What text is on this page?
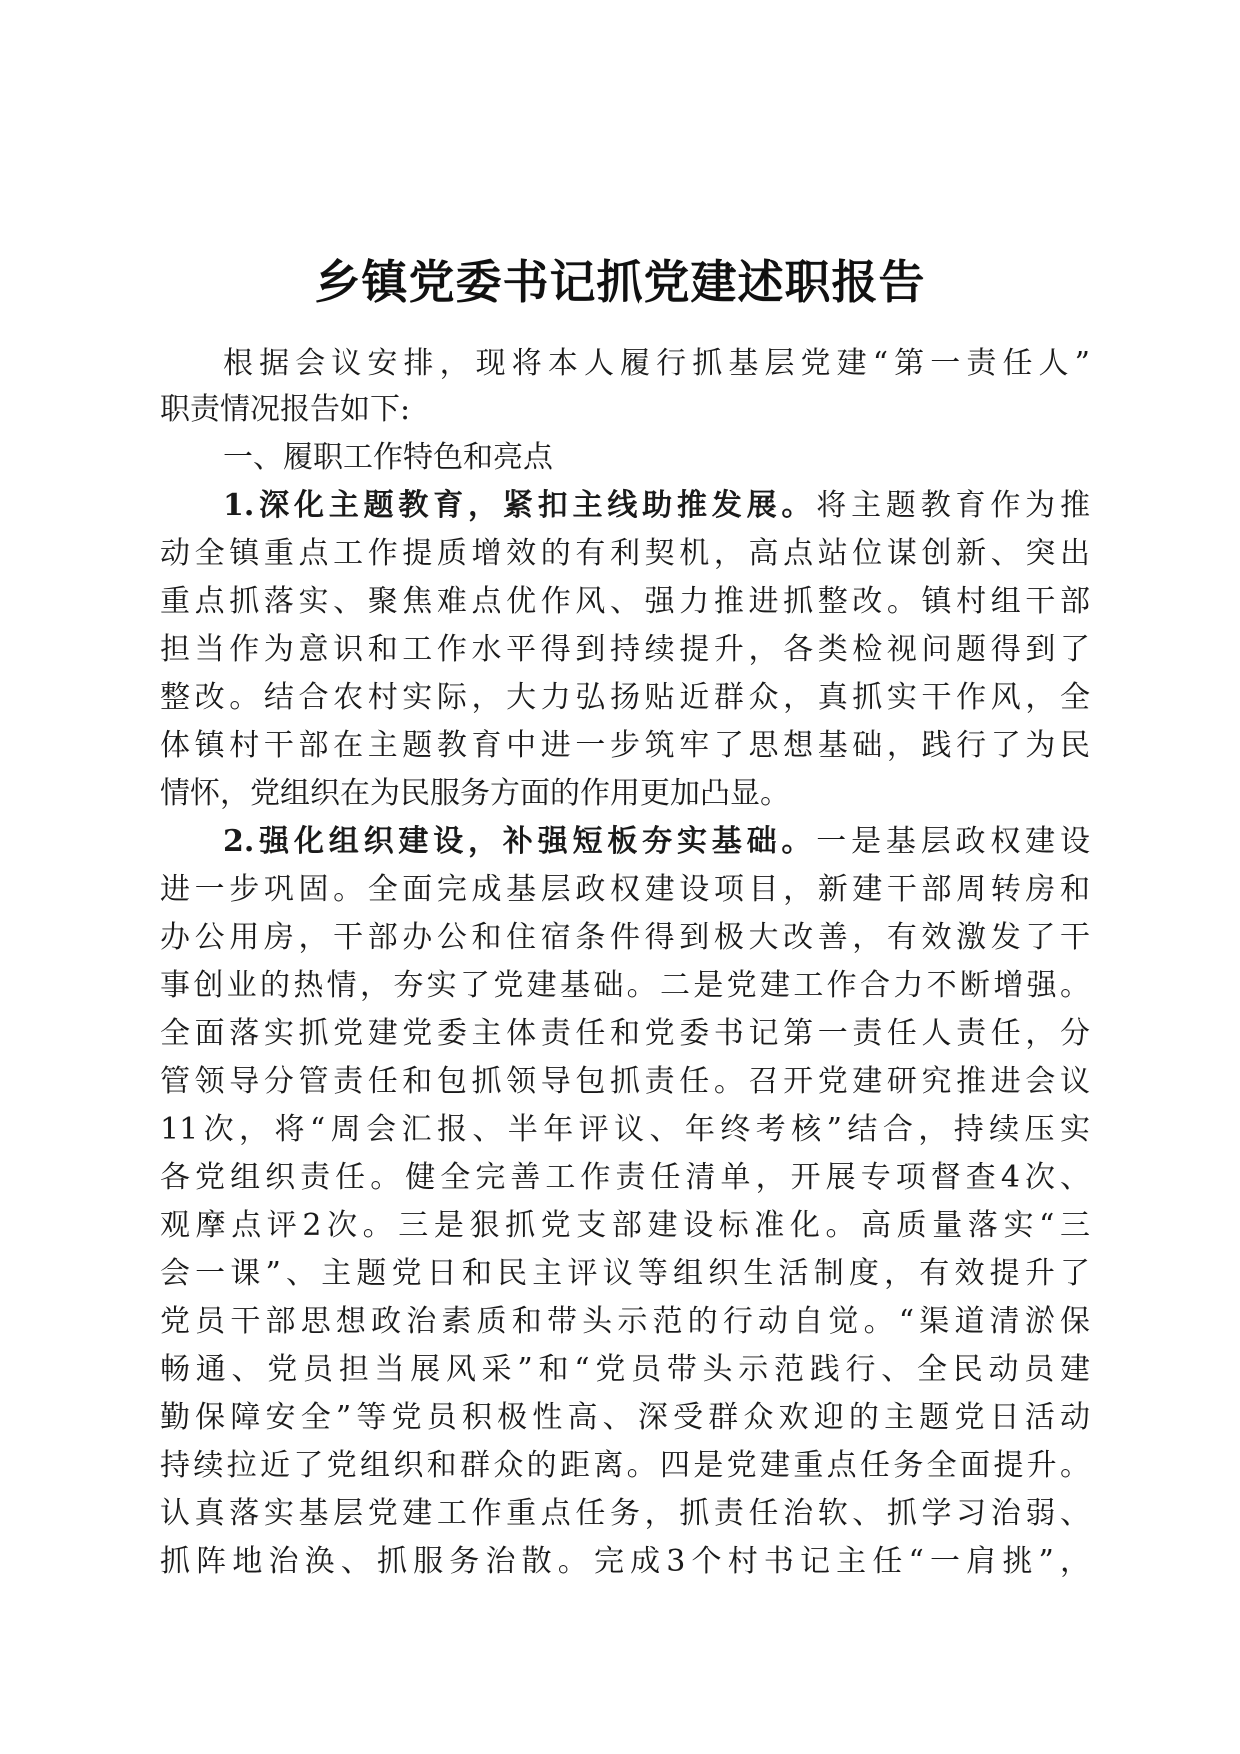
乡镇党委书记抓党建述职报告
根据会议安排，现将本人履行抓基层党建“第一责任人”
职责情况报告如下:
一、履职工作特色和亮点
1.深化主题教育，紧扣主线助推发展。将主题教育作为推
动全镇重点工作提质增效的有利契机，高点站位谋创新、突出
重点抓落实、聚焦难点优作风、强力推进抓整改。镇村组干部
担当作为意识和工作水平得到持续提升，各类检视问题得到了
整改。结合农村实际，大力弘扬贴近群众，真抓实干作风，全
体镇村干部在主题教育中进一步筑牢了思想基础，践行了为民
情怀，党组织在为民服务方面的作用更加凸显。
2.强化组织建设，补强短板夯实基础。一是基层政权建设
进一步巩固。全面完成基层政权建设项目，新建干部周转房和
办公用房，干部办公和住宿条件得到极大改善，有效激发了干
事创业的热情，夯实了党建基础。二是党建工作合力不断增强。
全面落实抓党建党委主体责任和党委书记第一责任人责任，分
管领导分管责任和包抓领导包抓责任。召开党建研究推进会议
11次，将“周会汇报、半年评议、年终考核”结合，持续压实
各党组织责任。健全完善工作责任清单，开展专项督查4次、
观摩点评2次。三是狠抓党支部建设标准化。高质量落实“三
会一课”、主题党日和民主评议等组织生活制度，有效提升了
党员干部思想政治素质和带头示范的行动自觉。“渠道清淤保
畅通、党员担当展风采”和“党员带头示范践行、全民动员建
勤保障安全”等党员积极性高、深受群众欢迎的主题党日活动
持续拉近了党组织和群众的距离。四是党建重点任务全面提升。
认真落实基层党建工作重点任务，抓责任治软、抓学习治弱、
抓阵地治涣、抓服务治散。完成3个村书记主任“一肩挑”，
